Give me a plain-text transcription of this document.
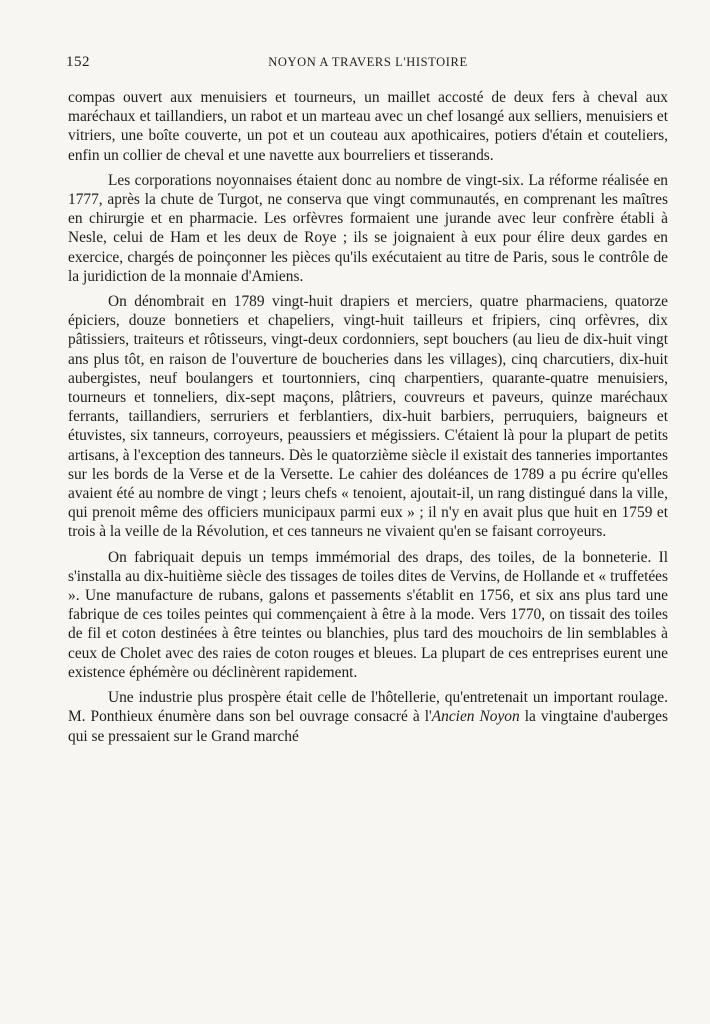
152	NOYON A TRAVERS L'HISTOIRE

compas ouvert aux menuisiers et tourneurs, un maillet accosté de deux fers à cheval aux maréchaux et taillandiers, un rabot et un marteau avec un chef losangé aux selliers, menuisiers et vitriers, une boîte couverte, un pot et un couteau aux apothicaires, potiers d'étain et couteliers, enfin un collier de cheval et une navette aux bourreliers et tisserands.

Les corporations noyonnaises étaient donc au nombre de vingt-six. La réforme réalisée en 1777, après la chute de Turgot, ne conserva que vingt communautés, en comprenant les maîtres en chirurgie et en pharmacie. Les orfèvres formaient une jurande avec leur confrère établi à Nesle, celui de Ham et les deux de Roye ; ils se joignaient à eux pour élire deux gardes en exercice, chargés de poinçonner les pièces qu'ils exécutaient au titre de Paris, sous le contrôle de la juridiction de la monnaie d'Amiens.

On dénombrait en 1789 vingt-huit drapiers et merciers, quatre pharmaciens, quatorze épiciers, douze bonnetiers et chapeliers, vingt-huit tailleurs et fripiers, cinq orfèvres, dix pâtissiers, traiteurs et rôtisseurs, vingt-deux cordonniers, sept bouchers (au lieu de dix-huit vingt ans plus tôt, en raison de l'ouverture de boucheries dans les villages), cinq charcutiers, dix-huit aubergistes, neuf boulangers et tourtonniers, cinq charpentiers, quarante-quatre menuisiers, tourneurs et tonneliers, dix-sept maçons, plâtriers, couvreurs et paveurs, quinze maréchaux ferrants, taillandiers, serruriers et ferblantiers, dix-huit barbiers, perruquiers, baigneurs et étuvistes, six tanneurs, corroyeurs, peaussiers et mégissiers. C'étaient là pour la plupart de petits artisans, à l'exception des tanneurs. Dès le quatorzième siècle il existait des tanneries importantes sur les bords de la Verse et de la Versette. Le cahier des doléances de 1789 a pu écrire qu'elles avaient été au nombre de vingt ; leurs chefs « tenoient, ajoutait-il, un rang distingué dans la ville, qui prenoit même des officiers municipaux parmi eux » ; il n'y en avait plus que huit en 1759 et trois à la veille de la Révolution, et ces tanneurs ne vivaient qu'en se faisant corroyeurs.

On fabriquait depuis un temps immémorial des draps, des toiles, de la bonneterie. Il s'installa au dix-huitième siècle des tissages de toiles dites de Vervins, de Hollande et « truffetées ». Une manufacture de rubans, galons et passements s'établit en 1756, et six ans plus tard une fabrique de ces toiles peintes qui commençaient à être à la mode. Vers 1770, on tissait des toiles de fil et coton destinées à être teintes ou blanchies, plus tard des mouchoirs de lin semblables à ceux de Cholet avec des raies de coton rouges et bleues. La plupart de ces entreprises eurent une existence éphémère ou déclinèrent rapidement.

Une industrie plus prospère était celle de l'hôtellerie, qu'entretenait un important roulage. M. Ponthieux énumère dans son bel ouvrage consacré à l'Ancien Noyon la vingtaine d'auberges qui se pressaient sur le Grand marché
